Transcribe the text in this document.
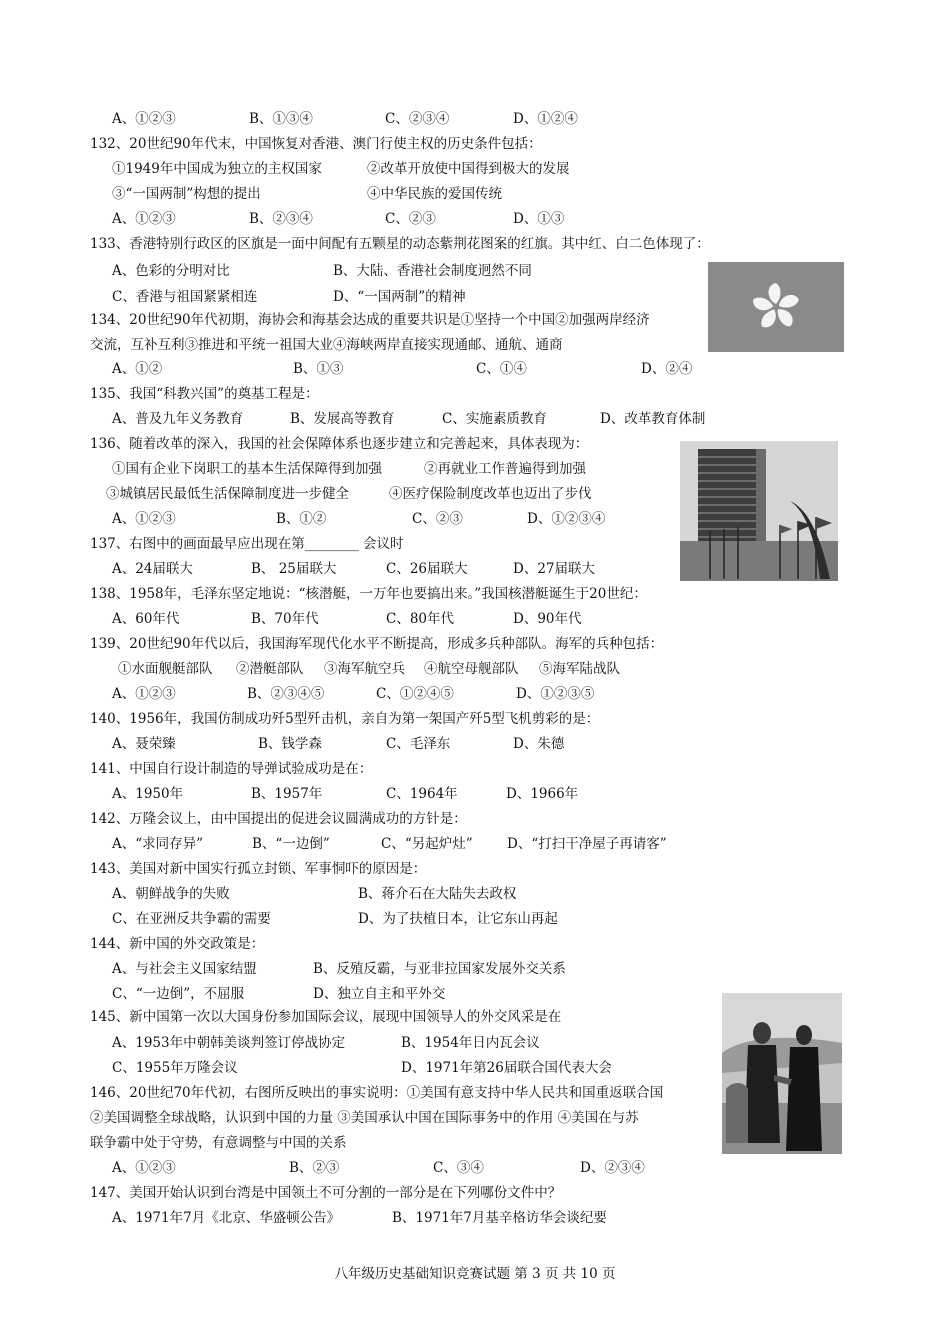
A、①②③	B、①③④	C、②③④	D、①②④
132、20世纪90年代末，中国恢复对香港、澳门行使主权的历史条件包括：
①1949年中国成为独立的主权国家	②改革开放使中国得到极大的发展
③“一国两制”构想的提出	④中华民族的爱国传统
A、①②③	B、②③④	C、②③	D、①③
133、香港特别行政区的区旗是一面中间配有五颗星的动态紫荆花图案的红旗。其中红、白二色体现了：
A、色彩的分明对比	B、大陆、香港社会制度迥然不同
C、香港与祖国紧紧相连	D、“一国两制”的精神
134、20世纪90年代初期，海协会和海基会达成的重要共识是①坚持一个中国②加强两岸经济
交流，互补互利③推进和平统一祖国大业④海峡两岸直接实现通邮、通航、通商
A、①②	B、①③	C、①④	D、②④
135、我国“科教兴国”的奠基工程是：
A、普及九年义务教育	B、发展高等教育	C、实施素质教育	D、改革教育体制
136、随着改革的深入，我国的社会保障体系也逐步建立和完善起来，具体表现为：
①国有企业下岗职工的基本生活保障得到加强	②再就业工作普遍得到加强
③城镇居民最低生活保障制度进一步健全	④医疗保险制度改革也迈出了步伐
A、①②③	B、①②	C、②③	D、①②③④
137、右图中的画面最早应出现在第________ 会议时
A、24届联大	B、 25届联大	C、26届联大	D、27届联大
138、1958年，毛泽东坚定地说：“核潜艇，一万年也要搞出来。”我国核潜艇诞生于20世纪：
A、60年代	B、70年代	C、80年代	D、90年代
139、20世纪90年代以后，我国海军现代化水平不断提高，形成多兵种部队。海军的兵种包括：
①水面舰艇部队 ②潜艇部队 ③海军航空兵 ④航空母舰部队 ⑤海军陆战队
A、①②③	B、②③④⑤	C、①②④⑤	D、①②③⑤
140、1956年，我国仿制成功歼5型歼击机，亲自为第一架国产歼5型飞机剪彩的是：
A、聂荣臻	B、钱学森	C、毛泽东	D、朱德
141、中国自行设计制造的导弹试验成功是在：
A、1950年	B、1957年	C、1964年	D、1966年
142、万隆会议上，由中国提出的促进会议圆满成功的方针是：
A、“求同存异”	B、“一边倒”	C、“另起炉灶”	D、“打扫干净屋子再请客”
143、美国对新中国实行孤立封锁、军事恫吓的原因是：
A、朝鲜战争的失败	B、蒋介石在大陆失去政权
C、在亚洲反共争霸的需要	D、为了扶植日本，让它东山再起
144、新中国的外交政策是：
A、与社会主义国家结盟	B、反殖反霸，与亚非拉国家发展外交关系
C、“一边倒”，不屈服	D、独立自主和平外交
145、新中国第一次以大国身份参加国际会议，展现中国领导人的外交风采是在
A、1953年中朝韩美谈判签订停战协定	B、1954年日内瓦会议
C、1955年万隆会议	D、1971年第26届联合国代表大会
146、20世纪70年代初，右图所反映出的事实说明：①美国有意支持中华人民共和国重返联合国
②美国调整全球战略，认识到中国的力量 ③美国承认中国在国际事务中的作用 ④美国在与苏
联争霸中处于守势，有意调整与中国的关系
A、①②③	B、②③	C、③④	D、②③④
147、美国开始认识到台湾是中国领土不可分割的一部分是在下列哪份文件中？
A、1971年7月《北京、华盛顿公告》	B、1971年7月基辛格访华会谈纪要
八年级历史基础知识竞赛试题 第 3 页 共 10 页
